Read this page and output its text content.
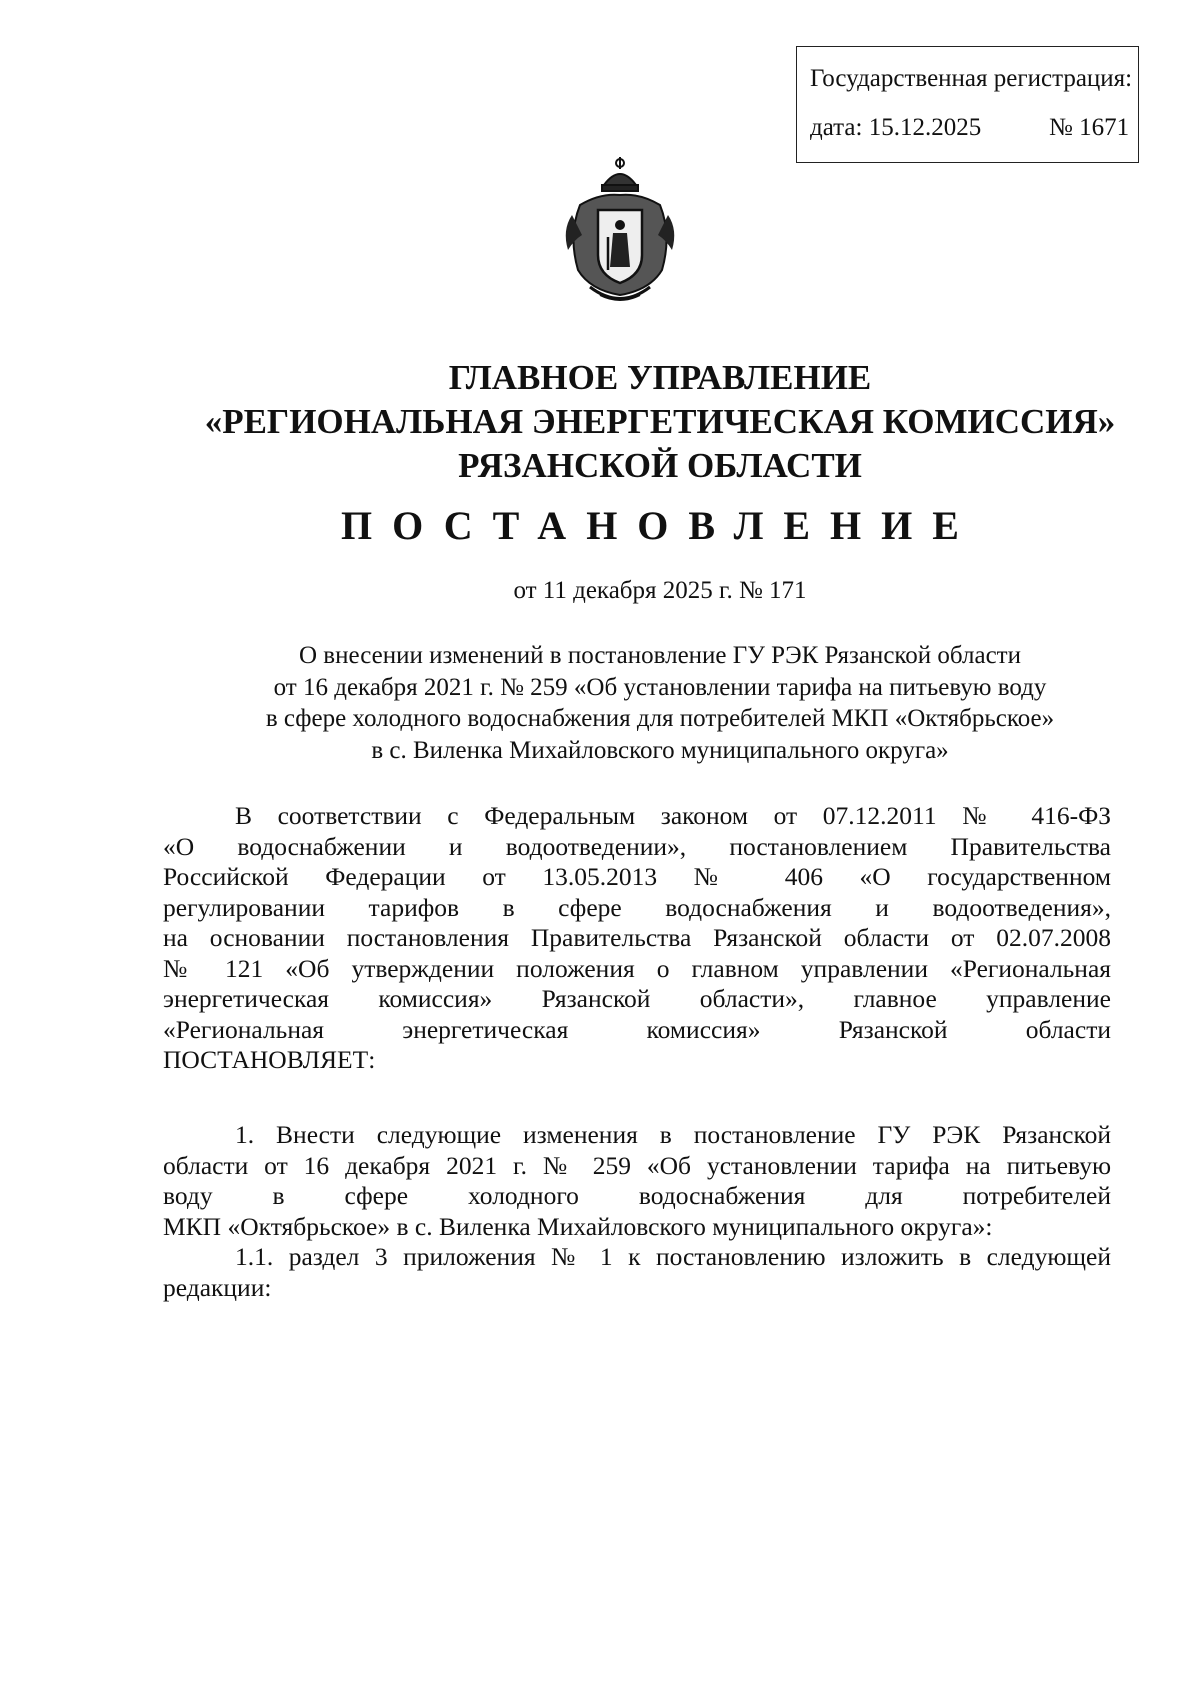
Государственная регистрация:
дата: 15.12.2025	№ 1671
ГЛАВНОЕ УПРАВЛЕНИЕ
«РЕГИОНАЛЬНАЯ ЭНЕРГЕТИЧЕСКАЯ КОМИССИЯ»
РЯЗАНСКОЙ ОБЛАСТИ
ПОСТАНОВЛЕНИЕ
от 11 декабря 2025 г. № 171
О внесении изменений в постановление ГУ РЭК Рязанской области
от 16 декабря 2021 г. № 259 «Об установлении тарифа на питьевую воду
в сфере холодного водоснабжения для потребителей МКП «Октябрьское»
в с. Виленка Михайловского муниципального округа»
В соответствии с Федеральным законом от 07.12.2011 № 416-ФЗ
«О водоснабжении и водоотведении», постановлением Правительства
Российской Федерации от 13.05.2013 № 406 «О государственном
регулировании тарифов в сфере водоснабжения и водоотведения»,
на основании постановления Правительства Рязанской области от 02.07.2008
№ 121 «Об утверждении положения о главном управлении «Региональная
энергетическая комиссия» Рязанской области», главное управление
«Региональная энергетическая комиссия» Рязанской области
ПОСТАНОВЛЯЕТ:
1. Внести следующие изменения в постановление ГУ РЭК Рязанской
области от 16 декабря 2021 г. № 259 «Об установлении тарифа на питьевую
воду в сфере холодного водоснабжения для потребителей
МКП «Октябрьское» в с. Виленка Михайловского муниципального округа»:
1.1. раздел 3 приложения № 1 к постановлению изложить в следующей
редакции:
